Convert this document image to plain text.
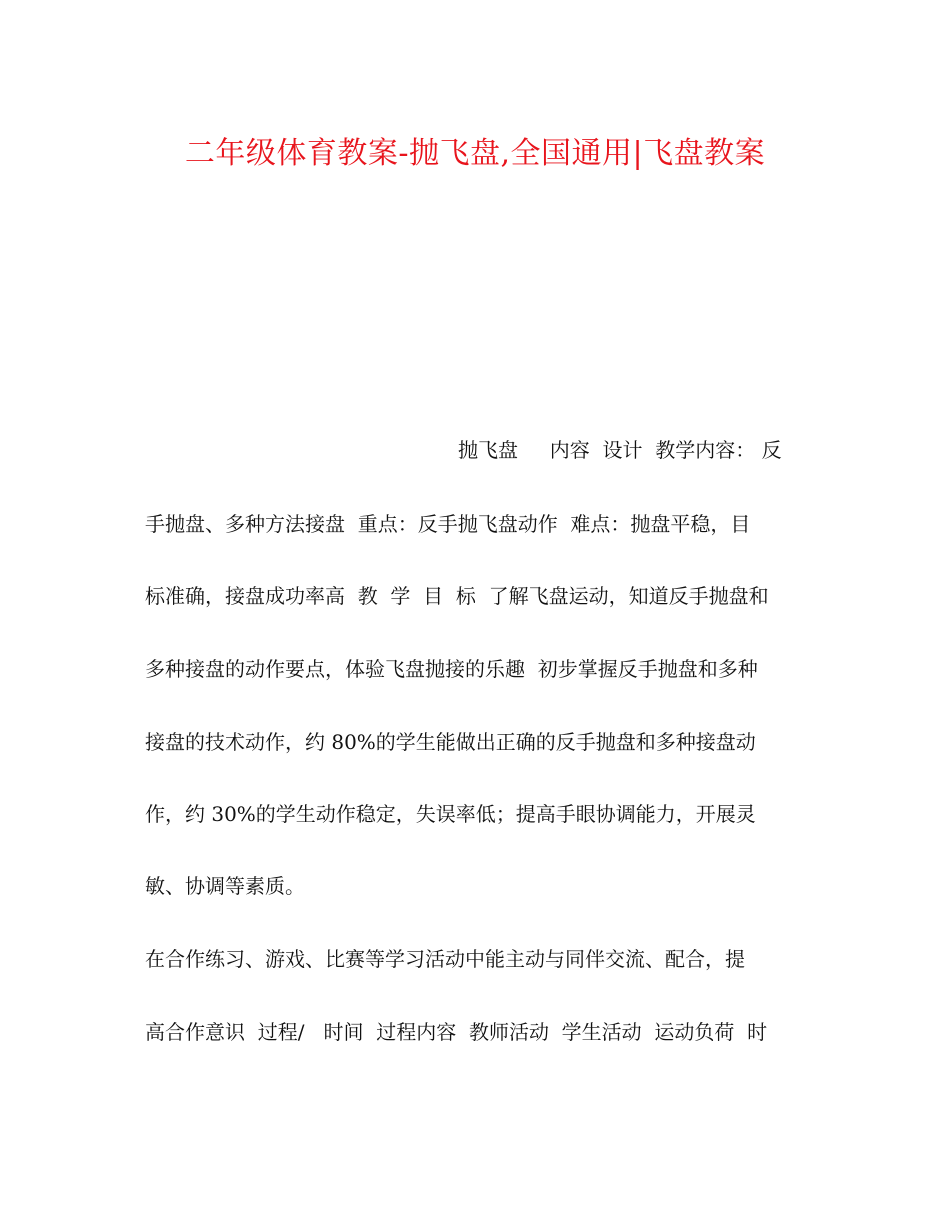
二年级体育教案-抛飞盘,全国通用|飞盘教案
抛飞盘     内容  设计  教学内容： 反
手抛盘、多种方法接盘  重点：反手抛飞盘动作  难点：抛盘平稳，目
标准确，接盘成功率高  教  学  目  标  了解飞盘运动，知道反手抛盘和
多种接盘的动作要点，体验飞盘抛接的乐趣  初步掌握反手抛盘和多种
接盘的技术动作，约 80%的学生能做出正确的反手抛盘和多种接盘动
作，约 30%的学生动作稳定，失误率低；提高手眼协调能力，开展灵
敏、协调等素质。
在合作练习、游戏、比赛等学习活动中能主动与同伴交流、配合，提
高合作意识  过程/   时间  过程内容  教师活动  学生活动  运动负荷  时
